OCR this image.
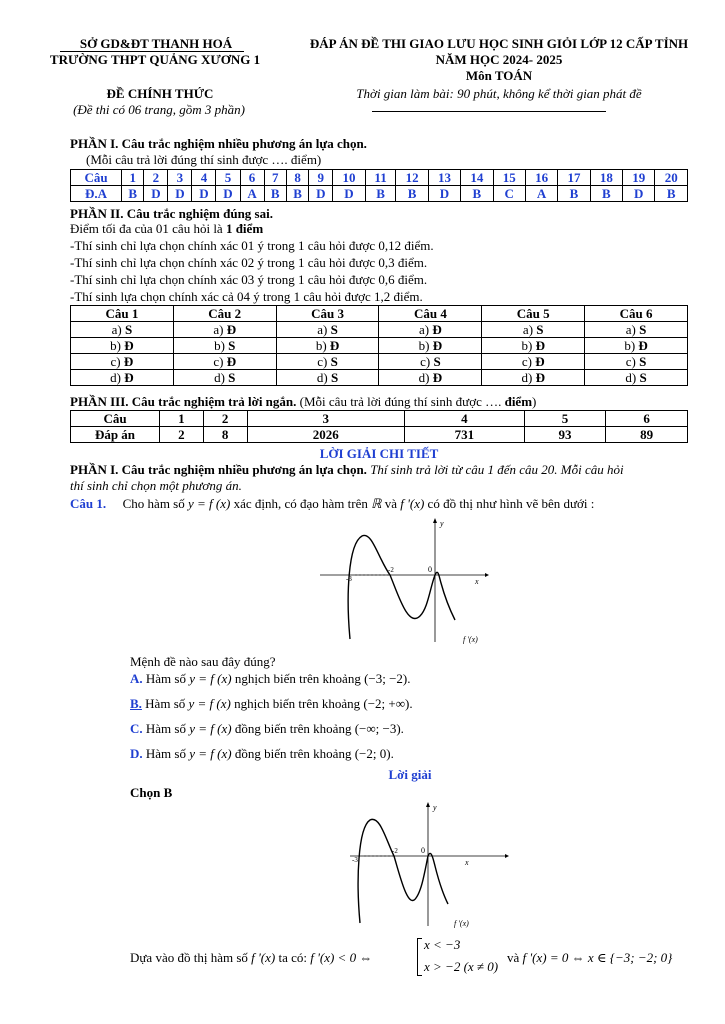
SỞ GD&ĐT THANH HOÁ
TRƯỜNG THPT QUẢNG XƯƠNG 1
ĐÁP ÁN ĐỀ THI GIAO LƯU HỌC SINH GIỎI LỚP 12 CẤP TỈNH
NĂM HỌC 2024- 2025
Môn TOÁN
ĐỀ CHÍNH THỨC	Thời gian làm bài: 90 phút, không kể thời gian phát đề
(Đề thi có 06 trang, gồm 3 phần)
PHẦN I. Câu trắc nghiệm nhiều phương án lựa chọn.
(Mỗi câu trả lời đúng thí sinh được …. điểm)
Câu	1	2	3	4	5	6	7	8	9	10	11	12	13	14	15	16	17	18	19	20
Đ.A	B	D	D	D	D	A	B	B	D	D	B	B	D	B	C	A	B	B	D	B
PHẦN II. Câu trắc nghiệm đúng sai.
Điểm tối đa của 01 câu hỏi là 1 điểm
-Thí sinh chỉ lựa chọn chính xác 01 ý trong 1 câu hỏi được 0,12 điểm.
-Thí sinh chỉ lựa chọn chính xác 02 ý trong 1 câu hỏi được 0,3 điểm.
-Thí sinh chỉ lựa chọn chính xác 03 ý trong 1 câu hỏi được 0,6 điểm.
-Thí sinh lựa chọn chính xác cả 04 ý trong 1 câu hỏi được 1,2 điểm.
Câu 1	Câu 2	Câu 3	Câu 4	Câu 5	Câu 6
a) S	a) Đ	a) S	a) Đ	a) S	a) S
b) Đ	b) S	b) Đ	b) Đ	b) Đ	b) Đ
c) Đ	c) Đ	c) S	c) S	c) Đ	c) S
d) Đ	d) S	d) S	d) Đ	d) Đ	d) S
PHẦN III. Câu trắc nghiệm trả lời ngắn. (Mỗi câu trả lời đúng thí sinh được …. điểm)
Câu	1	2	3	4	5	6
Đáp án	2	8	2026	731	93	89
LỜI GIẢI CHI TIẾT
PHẦN I. Câu trắc nghiệm nhiều phương án lựa chọn. Thí sinh trả lời từ câu 1 đến câu 20. Mỗi câu hỏi
thí sinh chỉ chọn một phương án.
Câu 1. Cho hàm số y = f (x) xác định, có đạo hàm trên ℝ và f '(x) có đồ thị như hình vẽ bên dưới :
-3
-2	0
x
y
f '(x)
Mệnh đề nào sau đây đúng?
A. Hàm số y = f (x) nghịch biến trên khoảng (−3; −2).
B. Hàm số y = f (x) nghịch biến trên khoảng (−2; +∞).
C. Hàm số y = f (x) đồng biến trên khoảng (−∞; −3).
D. Hàm số y = f (x) đồng biến trên khoảng (−2; 0).
Lời giải
Chọn B
-3
-2	0
x
y
f '(x)
Dựa vào đồ thị hàm số f '(x) ta có: f '(x) < 0 ⇔
x < −3
x > −2 (x ≠ 0)
và f '(x) = 0 ⇔ x ∈ {−3; −2; 0}
